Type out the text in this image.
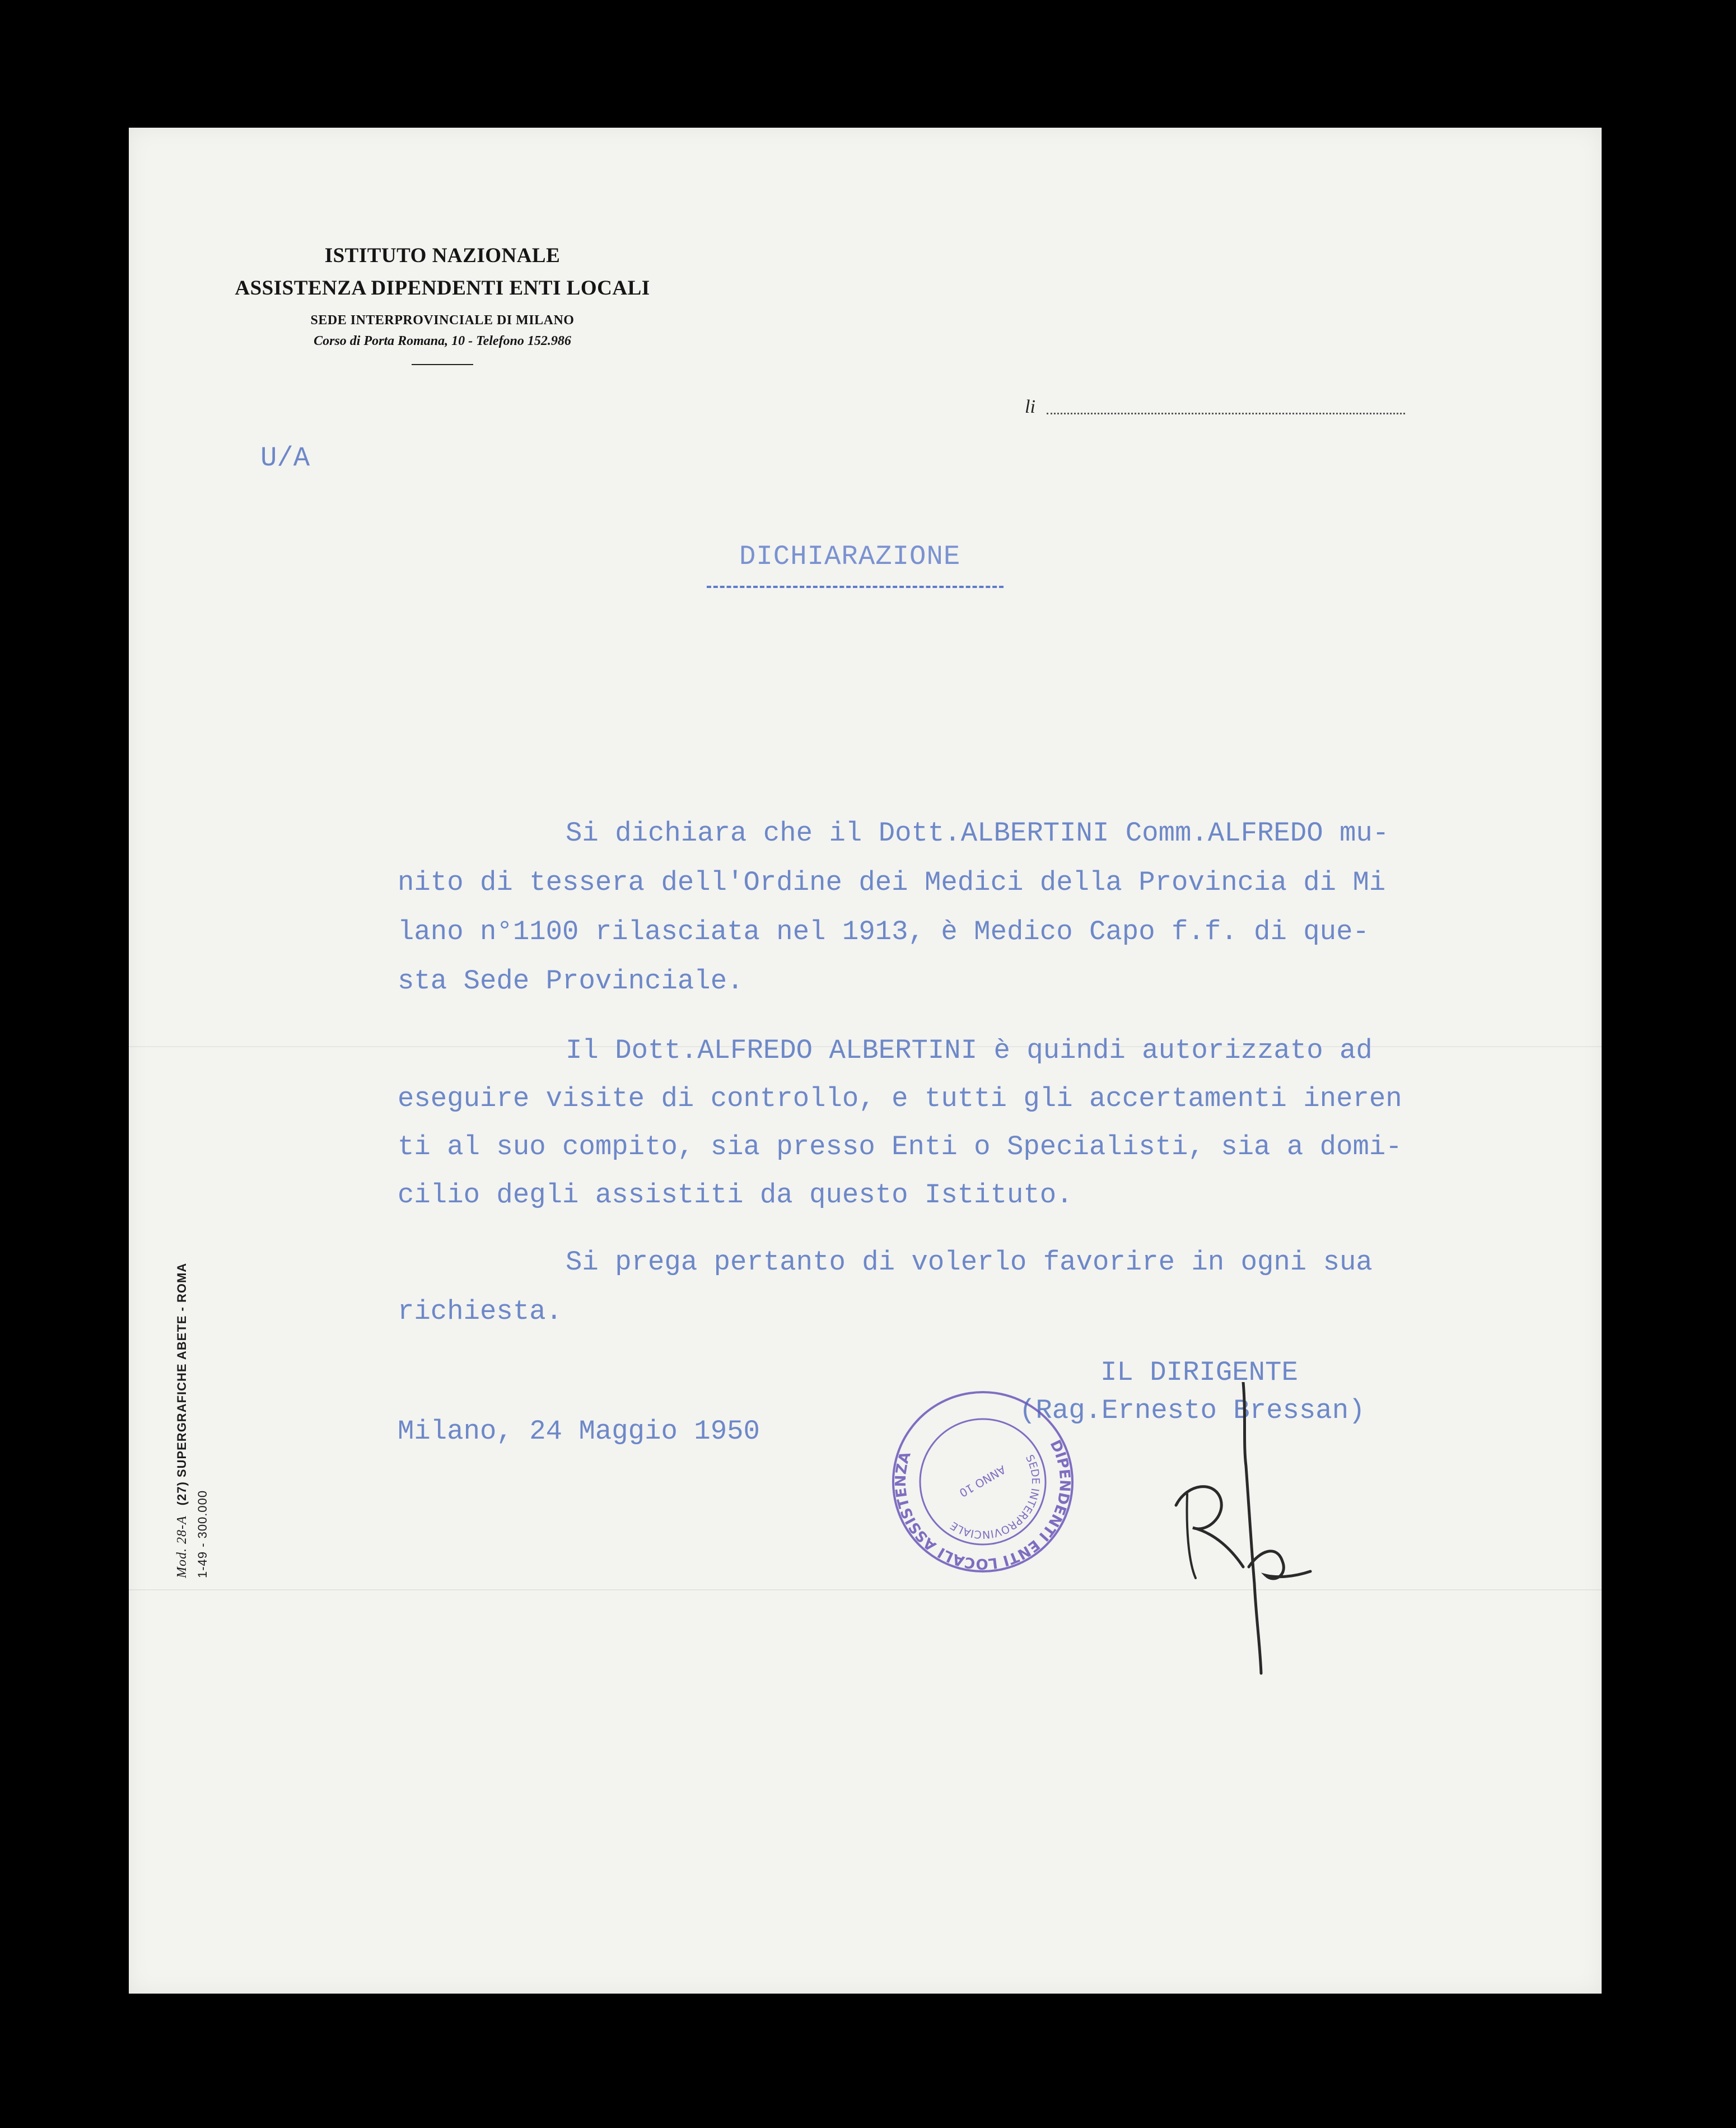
ISTITUTO NAZIONALE
ASSISTENZA DIPENDENTI ENTI LOCALI
SEDE INTERPROVINCIALE DI MILANO
Corso di Porta Romana, 10 - Telefono 152.986
li
U/A
DICHIARAZIONE
Si dichiara che il Dott.ALBERTINI Comm.ALFREDO mu-
nito di tessera dell'Ordine dei Medici della Provincia di Mi
lano n°1100 rilasciata nel 1913, è Medico Capo f.f. di que-
sta Sede Provinciale.
Il Dott.ALFREDO ALBERTINI è quindi autorizzato ad
eseguire visite di controllo, e tutti gli accertamenti ineren
ti al suo compito, sia presso Enti o Specialisti, sia a domi-
cilio degli assistiti da questo Istituto.
Si prega pertanto di volerlo favorire in ogni sua
richiesta.
Milano, 24 Maggio 1950
IL DIRIGENTE
(Rag.Ernesto Bressan)
DIPENDENTI ENTI LOCALI ASSISTENZA	SEDE INTERPROVINCIALE
ANNO 10
Mod. 28-A
(27) SUPERGRAFICHE ABETE - ROMA
1-49 - 300.000
